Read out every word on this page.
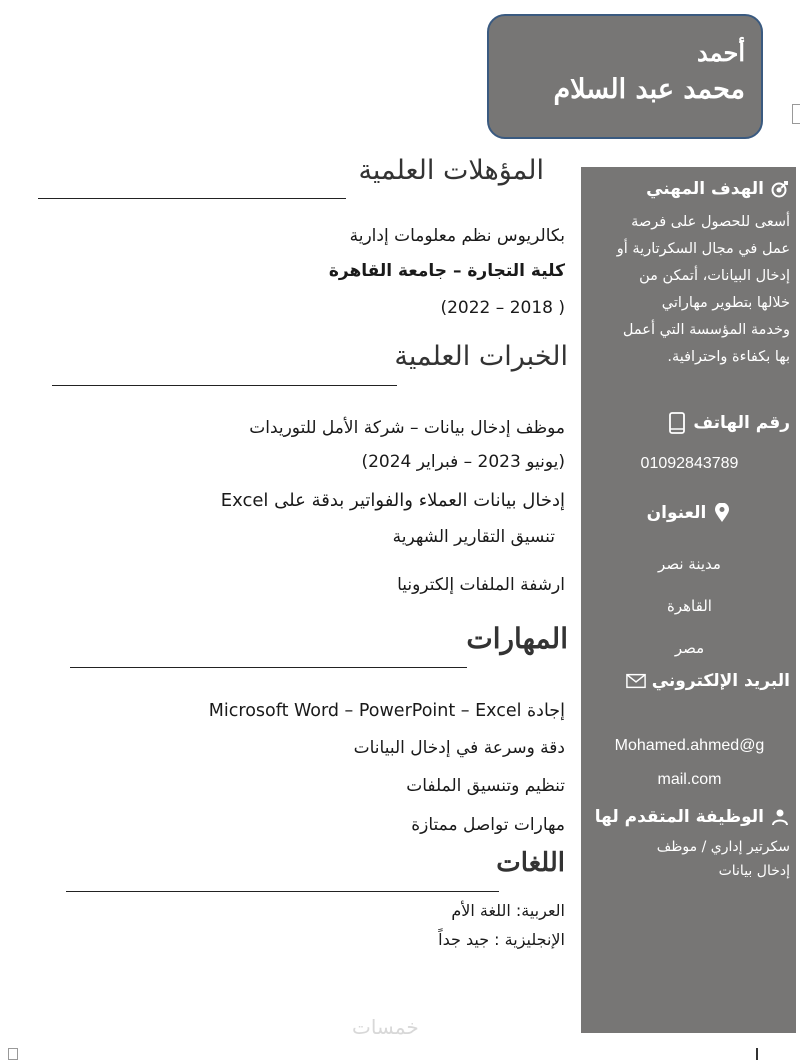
أحمد
محمد عبد السلام
الهدف المهني
أسعى للحصول على فرصة
عمل في مجال السكرتارية أو
إدخال البيانات، أتمكن من
خلالها بتطوير مهاراتي
وخدمة المؤسسة التي أعمل
بها بكفاءة واحترافية.
رقم الهاتف
01092843789
العنوان
مدينة نصر
القاهرة
مصر
البريد الإلكتروني
Mohamed.ahmed@g
mail.com
الوظيفة المتقدم لها
سكرتير إداري / موظف
إدخال بيانات
المؤهلات العلمية
بكالريوس نظم معلومات إدارية
كلية التجارة – جامعة القاهرة
( 2018 – 2022)
الخبرات العلمية
موظف إدخال بيانات – شركة الأمل للتوريدات
(يونيو 2023 – فبراير 2024)
إدخال بيانات العملاء والفواتير بدقة على Excel
تنسيق التقارير الشهرية
ارشفة الملفات إلكترونيا
المهارات
إجادة Microsoft Word – PowerPoint – Excel
دقة وسرعة في إدخال البيانات
تنظيم وتنسيق الملفات
مهارات تواصل ممتازة
اللغات
العربية: اللغة الأم
الإنجليزية : جيد جداً
خمسات
